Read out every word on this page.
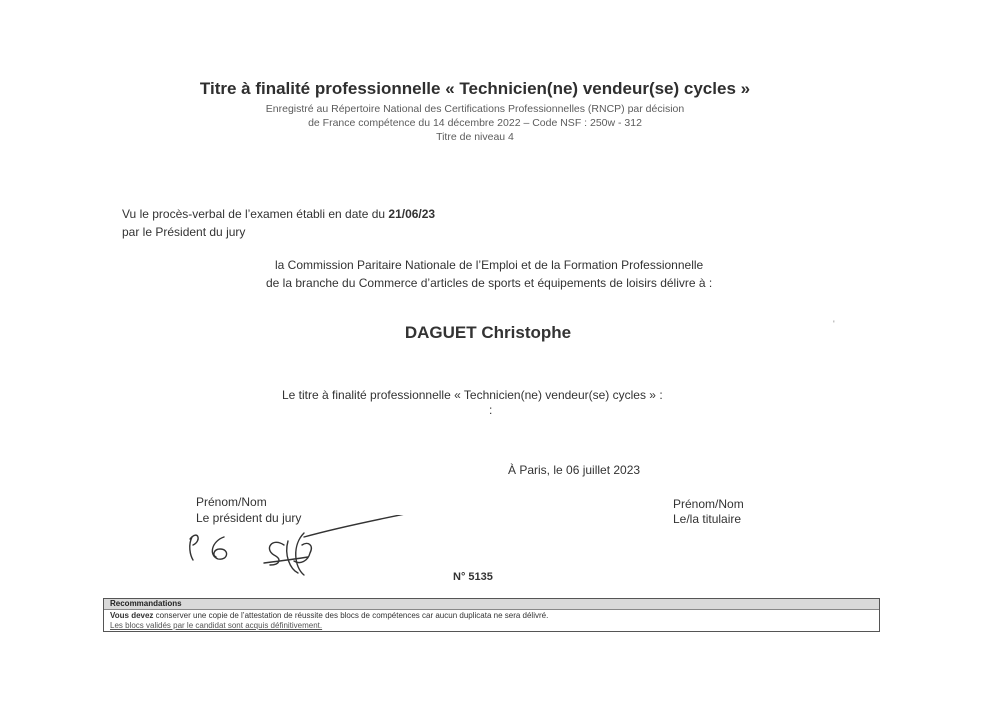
Titre à finalité professionnelle « Technicien(ne) vendeur(se) cycles »
Enregistré au Répertoire National des Certifications Professionnelles (RNCP) par décision
de France compétence du 14 décembre 2022 – Code NSF : 250w - 312
Titre de niveau 4
Vu le procès-verbal de l’examen établi en date du 21/06/23
par le Président du jury
la Commission Paritaire Nationale de l’Emploi et de la Formation Professionnelle
de la branche du Commerce d’articles de sports et équipements de loisirs délivre à :
DAGUET Christophe	'
Le titre à finalité professionnelle « Technicien(ne) vendeur(se) cycles » :
:
À Paris, le 06 juillet 2023
Prénom/Nom
Le président du jury
Prénom/Nom
Le/la titulaire
N° 5135
Recommandations
Vous devez conserver une copie de l’attestation de réussite des blocs de compétences car aucun duplicata ne sera délivré.
Les blocs validés par le candidat sont acquis définitivement.
